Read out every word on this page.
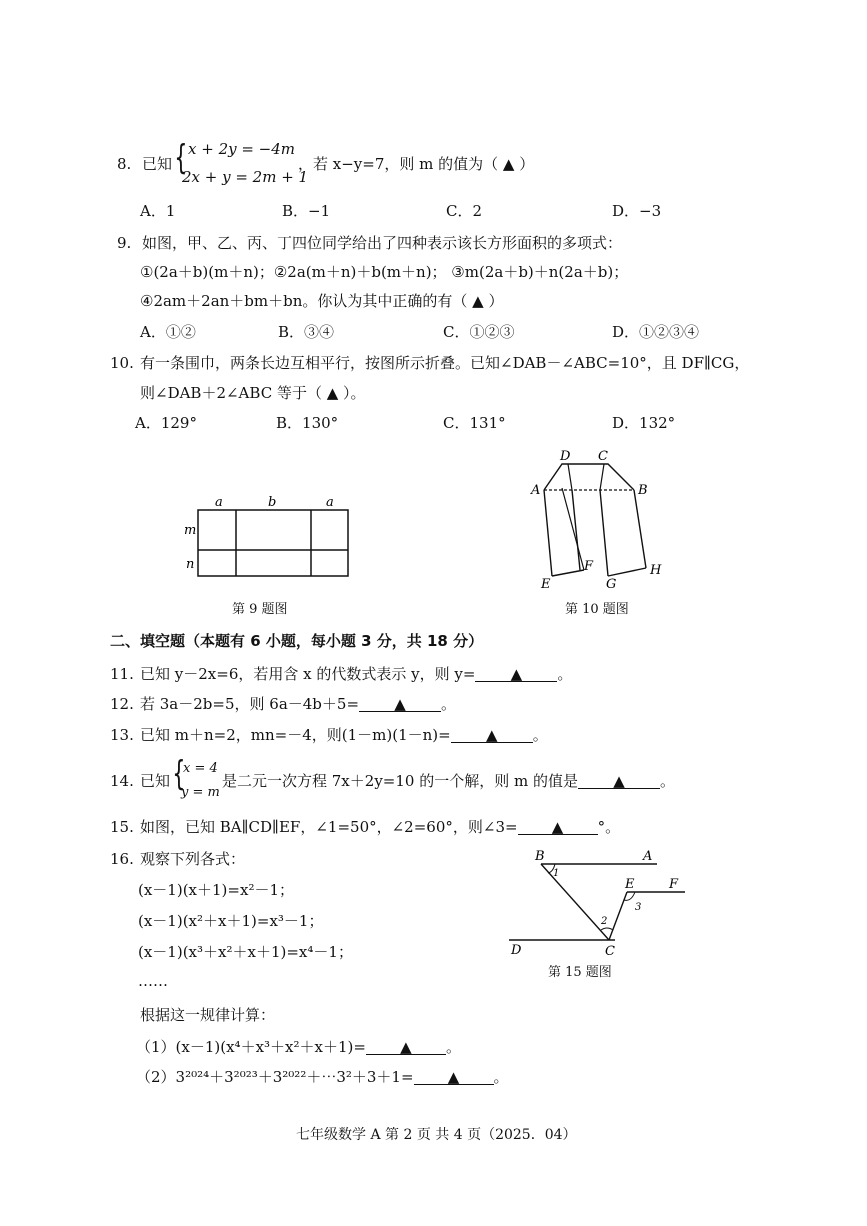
8. 已知 { x + 2y = −4m
2x + y = 2m + 1
，若 x−y=7，则 m 的值为（ ▲ ）
A．1	B．−1	C．2	D．−3
9. 如图，甲、乙、丙、丁四位同学给出了四种表示该长方形面积的多项式：
①(2a＋b)(m＋n)；②2a(m＋n)＋b(m＋n)； ③m(2a＋b)＋n(2a＋b)；
④2am＋2an＋bm＋bn。你认为其中正确的有（ ▲ ）
A．①②	B．③④	C．①②③	D．①②③④
10. 有一条围巾，两条长边互相平行，按图所示折叠。已知∠DAB－∠ABC=10°，且 DF∥CG，
则∠DAB＋2∠ABC 等于（ ▲ ）。
A．129°	B．130°	C．131°	D．132°
a	b	a
m
n
第 9 题图
D C
A	B
E
F
G
H
第 10 题图
二、填空题（本题有 6 小题，每小题 3 分，共 18 分）
11. 已知 y－2x=6，若用含 x 的代数式表示 y，则 y= ▲ 。
12. 若 3a－2b=5，则 6a－4b＋5= ▲ 。
13. 已知 m＋n=2，mn=－4，则(1－m)(1－n)= ▲ 。
14. 已知 {
x = 4
y = m
是二元一次方程 7x＋2y=10 的一个解，则 m 的值是 ▲ 。
15. 如图，已知 BA∥CD∥EF，∠1=50°，∠2=60°，则∠3= ▲ °。
16. 观察下列各式：
(x－1)(x＋1)=x²－1；
(x－1)(x²＋x＋1)=x³－1；
(x－1)(x³＋x²＋x＋1)=x⁴－1；
……
根据这一规律计算：
（1）(x－1)(x⁴＋x³＋x²＋x＋1)= ▲ 。
（2）3²⁰²⁴＋3²⁰²³＋3²⁰²²＋⋯3²＋3＋1= ▲ 。
B	A
E	F
D	C
1
2
3
第 15 题图
七年级数学 A 第 2 页 共 4 页（2025．04）
